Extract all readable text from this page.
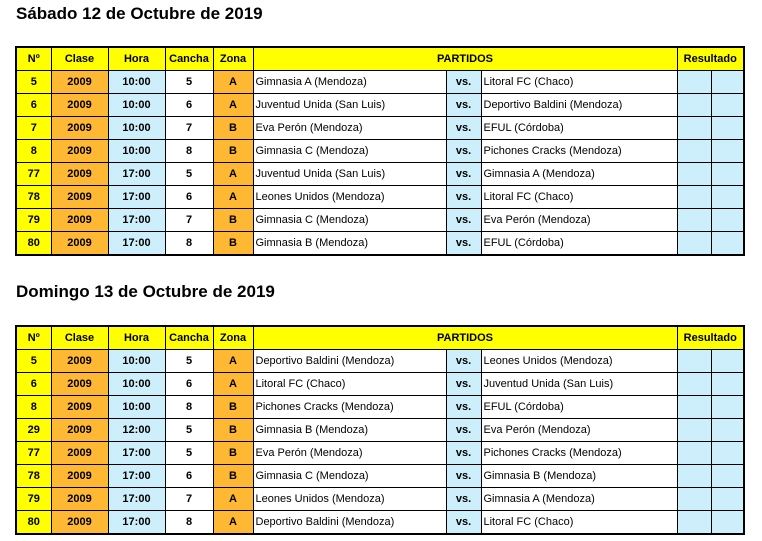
Sábado 12 de Octubre de 2019
Nº	Clase	Hora	Cancha	Zona	PARTIDOS			Resultado	
5	2009	10:00	5	A	Gimnasia A (Mendoza)	vs.	Litoral FC (Chaco)		
6	2009	10:00	6	A	Juventud Unida (San Luis)	vs.	Deportivo Baldini (Mendoza)		
7	2009	10:00	7	B	Eva Perón (Mendoza)	vs.	EFUL (Córdoba)		
8	2009	10:00	8	B	Gimnasia C (Mendoza)	vs.	Pichones Cracks (Mendoza)		
77	2009	17:00	5	A	Juventud Unida (San Luis)	vs.	Gimnasia A (Mendoza)		
78	2009	17:00	6	A	Leones Unidos (Mendoza)	vs.	Litoral FC (Chaco)		
79	2009	17:00	7	B	Gimnasia C (Mendoza)	vs.	Eva Perón (Mendoza)		
80	2009	17:00	8	B	Gimnasia B (Mendoza)	vs.	EFUL (Córdoba)		
Domingo 13 de Octubre de 2019
Nº	Clase	Hora	Cancha	Zona	PARTIDOS			Resultado	
5	2009	10:00	5	A	Deportivo Baldini (Mendoza)	vs.	Leones Unidos (Mendoza)		
6	2009	10:00	6	A	Litoral FC (Chaco)	vs.	Juventud Unida (San Luis)		
8	2009	10:00	8	B	Pichones Cracks (Mendoza)	vs.	EFUL (Córdoba)		
29	2009	12:00	5	B	Gimnasia B (Mendoza)	vs.	Eva Perón (Mendoza)		
77	2009	17:00	5	B	Eva Perón (Mendoza)	vs.	Pichones Cracks (Mendoza)		
78	2009	17:00	6	B	Gimnasia C (Mendoza)	vs.	Gimnasia B (Mendoza)		
79	2009	17:00	7	A	Leones Unidos (Mendoza)	vs.	Gimnasia A (Mendoza)		
80	2009	17:00	8	A	Deportivo Baldini (Mendoza)	vs.	Litoral FC (Chaco)		
